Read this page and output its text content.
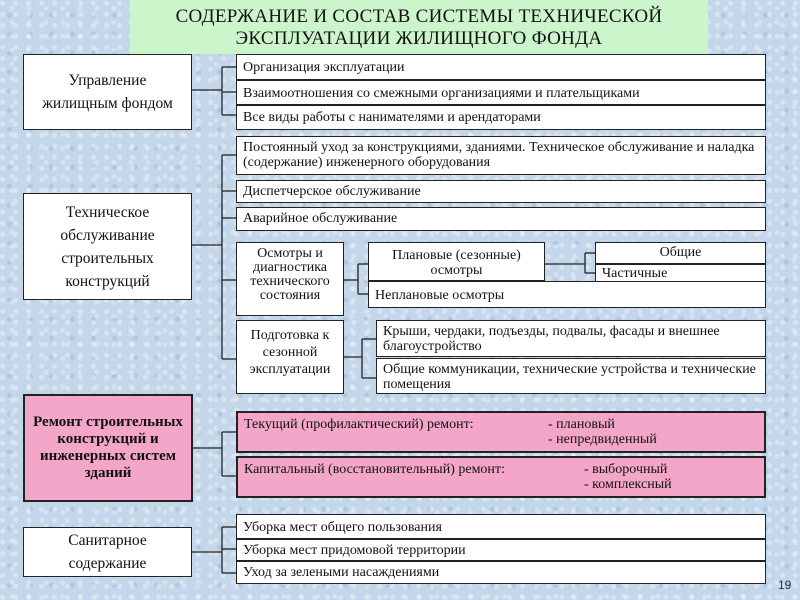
СОДЕРЖАНИЕ И СОСТАВ СИСТЕМЫ ТЕХНИЧЕСКОЙ
ЭКСПЛУАТАЦИИ ЖИЛИЩНОГО ФОНДА
Управление жилищным фондом
Техническое обслуживание строительных конструкций
Ремонт строительных конструкций и инженерных систем зданий
Санитарное содержание
Организация эксплуатации
Взаимоотношения со смежными организациями и плательщиками
Все виды работы с нанимателями и арендаторами
Постоянный уход за конструкциями, зданиями. Техническое обслуживание и наладка (содержание) инженерного оборудования
Диспетчерское обслуживание
Аварийное обслуживание
Осмотры и диагностика технического состояния
Плановые (сезонные) осмотры
Общие
Частичные
Неплановые осмотры
Подготовка к сезонной эксплуатации
Крыши, чердаки, подъезды, подвалы, фасады и внешнее благоустройство
Общие коммуникации, технические устройства и технические помещения
Текущий (профилактический) ремонт:	- плановый
- непредвиденный
Капитальный (восстановительный) ремонт:	- выборочный
- комплексный
Уборка мест общего пользования
Уборка мест придомовой территории
Уход за зелеными насаждениями
19
